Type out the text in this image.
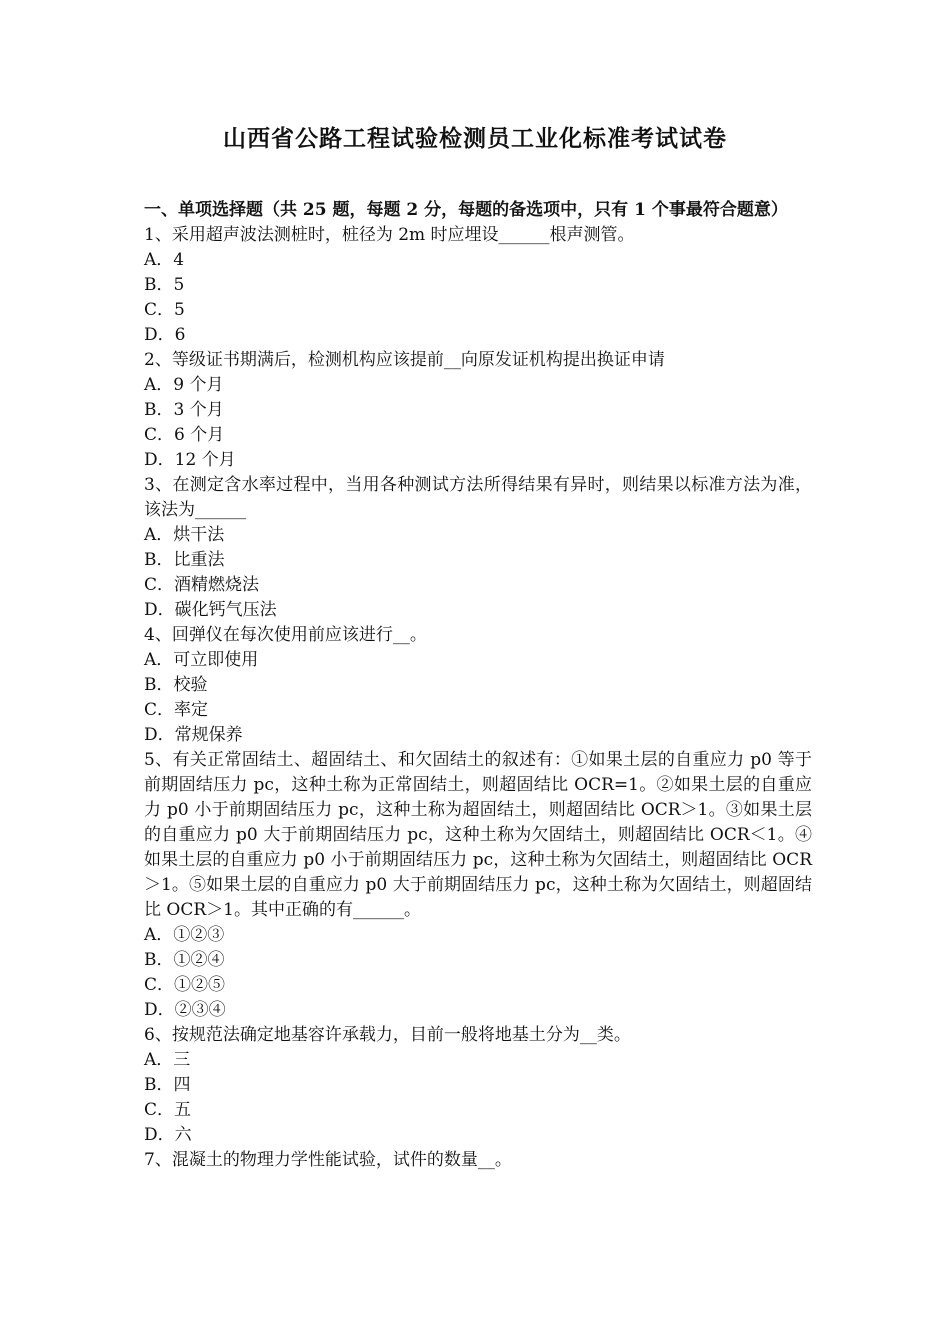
山西省公路工程试验检测员工业化标准考试试卷
一、单项选择题（共 25 题，每题 2 分，每题的备选项中，只有 1 个事最符合题意）
1、采用超声波法测桩时，桩径为 2m 时应埋设______根声测管。
A．4
B．5
C．5
D．6
2、等级证书期满后，检测机构应该提前__向原发证机构提出换证申请
A．9 个月
B．3 个月
C．6 个月
D．12 个月
3、在测定含水率过程中，当用各种测试方法所得结果有异时，则结果以标准方法为准，该法为______
A．烘干法
B．比重法
C．酒精燃烧法
D．碳化钙气压法
4、回弹仪在每次使用前应该进行__。
A．可立即使用
B．校验
C．率定
D．常规保养
5、有关正常固结土、超固结土、和欠固结土的叙述有：①如果土层的自重应力 p0 等于前期固结压力 pc，这种土称为正常固结土，则超固结比 OCR=1。②如果土层的自重应力 p0 小于前期固结压力 pc，这种土称为超固结土，则超固结比 OCR＞1。③如果土层的自重应力 p0 大于前期固结压力 pc，这种土称为欠固结土，则超固结比 OCR＜1。④如果土层的自重应力 p0 小于前期固结压力 pc，这种土称为欠固结土，则超固结比 OCR＞1。⑤如果土层的自重应力 p0 大于前期固结压力 pc，这种土称为欠固结土，则超固结比 OCR＞1。其中正确的有______。
A．①②③
B．①②④
C．①②⑤
D．②③④
6、按规范法确定地基容许承载力，目前一般将地基土分为__类。
A．三
B．四
C．五
D．六
7、混凝土的物理力学性能试验，试件的数量__。
